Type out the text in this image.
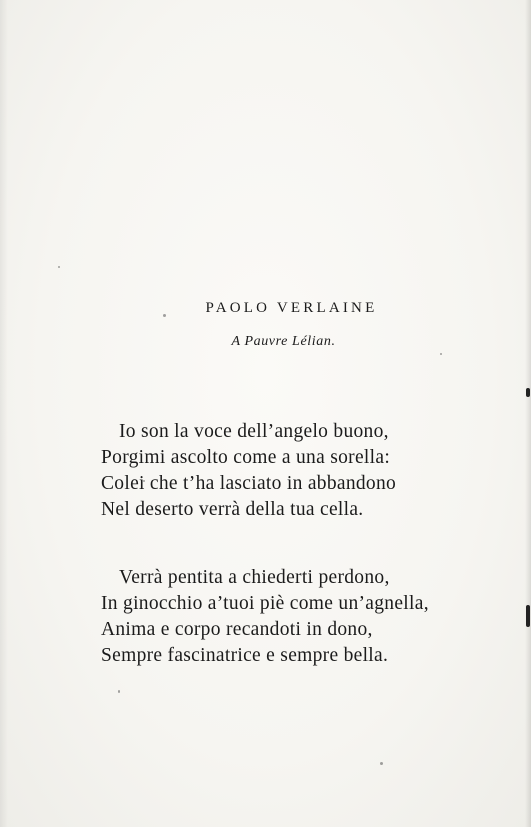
PAOLO VERLAINE
A Pauvre Lélian.
Io son la voce dell’angelo buono,
Porgimi ascolto come a una sorella:
Colei che t’ha lasciato in abbandono
Nel deserto verrà della tua cella.
Verrà pentita a chiederti perdono,
In ginocchio a’tuoi piè come un’agnella,
Anima e corpo recandoti in dono,
Sempre fascinatrice e sempre bella.
